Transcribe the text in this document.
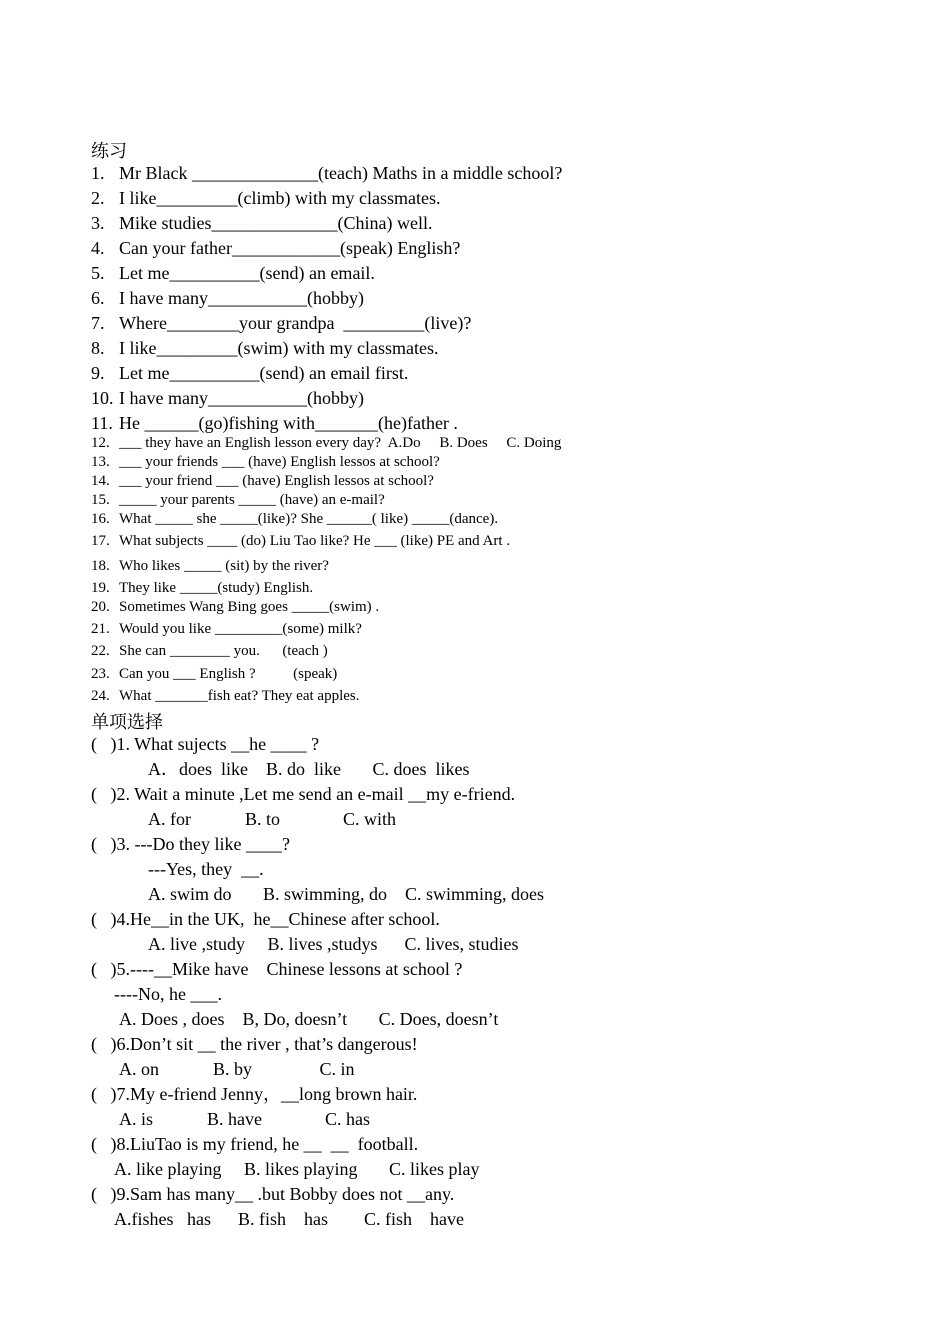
练习
1. Mr Black ______________(teach) Maths in a middle school?
2. I like_________(climb) with my classmates.
3. Mike studies______________(China) well.
4. Can your father____________(speak) English?
5. Let me__________(send) an email.
6. I have many___________(hobby)
7. Where________your grandpa  _________(live)?
8. I like_________(swim) with my classmates.
9. Let me__________(send) an email first.
10. I have many___________(hobby)
11. He ______(go)fishing with_______(he)father .
12. ___ they have an English lesson every day?  A.Do     B. Does     C. Doing
13. ___ your friends ___ (have) English lessos at school?
14. ___ your friend ___ (have) English lessos at school?
15. _____ your parents _____ (have) an e-mail?
16. What _____ she _____(like)? She ______( like) _____(dance).
17. What subjects ____ (do) Liu Tao like? He ___ (like) PE and Art .
18. Who likes _____ (sit) by the river?
19. They like _____(study) English.
20. Sometimes Wang Bing goes _____(swim) .
21. Would you like _________(some) milk?
22. She can ________ you.      (teach )
23. Can you ___ English ?          (speak)
24. What _______fish eat? They eat apples.
单项选择
(   )1. What sujects __he ____ ?
A．does  like    B. do  like       C. does  likes
(   )2. Wait a minute ,Let me send an e-mail __my e-friend.
A. for            B. to              C. with
(   )3. ---Do they like ____?
---Yes, they  __.
A. swim do       B. swimming, do    C. swimming, does
(   )4.He__in the UK,  he__Chinese after school.
A. live ,study     B. lives ,studys      C. lives, studies
(   )5.----__Mike have    Chinese lessons at school ?
----No, he ___.
A. Does , does    B, Do, doesn’t       C. Does, doesn’t
(   )6.Don’t sit __ the river , that’s dangerous!
A. on            B. by               C. in
(   )7.My e-friend Jenny，__long brown hair.
A. is            B. have              C. has
(   )8.LiuTao is my friend, he __  __  football.
A. like playing     B. likes playing       C. likes play
(   )9.Sam has many__ .but Bobby does not __any.
A.fishes   has      B. fish    has        C. fish    have
